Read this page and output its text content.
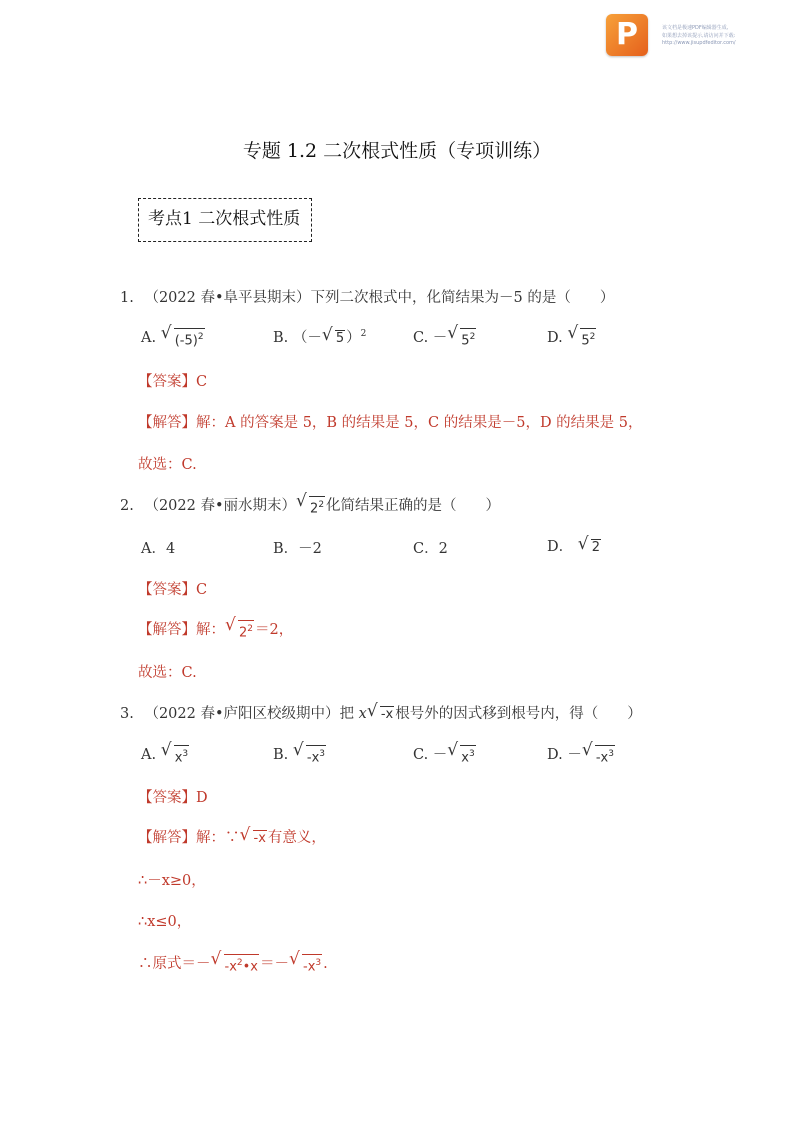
P	该文档是极速PDF编辑器生成,
如果想去掉该提示,请访问并下载:
http://www.jisupdfeditor.com/
专题 1.2 二次根式性质（专项训练）
考点1 二次根式性质
1. （2022 春•阜平县期末）下列二次根式中，化简结果为－5 的是（　　）
A. √ $(-5)^2$	B. （－ √ 5 ）$^2$	C. － √ $5^2$	D. √ $5^2$
【答案】C
【解答】解：A 的答案是 5，B 的结果是 5，C 的结果是－5，D 的结果是 5，
故选：C.
2. （2022 春•丽水期末） √ $2^2$ 化简结果正确的是（　　）
A．4	B．－2	C．2	D． √ 2
【答案】C
【解答】解： √ $2^2 =2$，
故选：C.
3. （2022 春•庐阳区校级期中）把 x √ -x 根号外的因式移到根号内，得（　　）
A. √ $x^3$	B. √ $-x^3$	C. － √ $x^3$	D. － √ $-x^3$
【答案】D
【解答】解：∵ √ -x 有意义，
∴－x≥0，
∴x≤0，
∴原式＝－ √ $-x^2•x$ ＝－ √ $-x^3$ .
